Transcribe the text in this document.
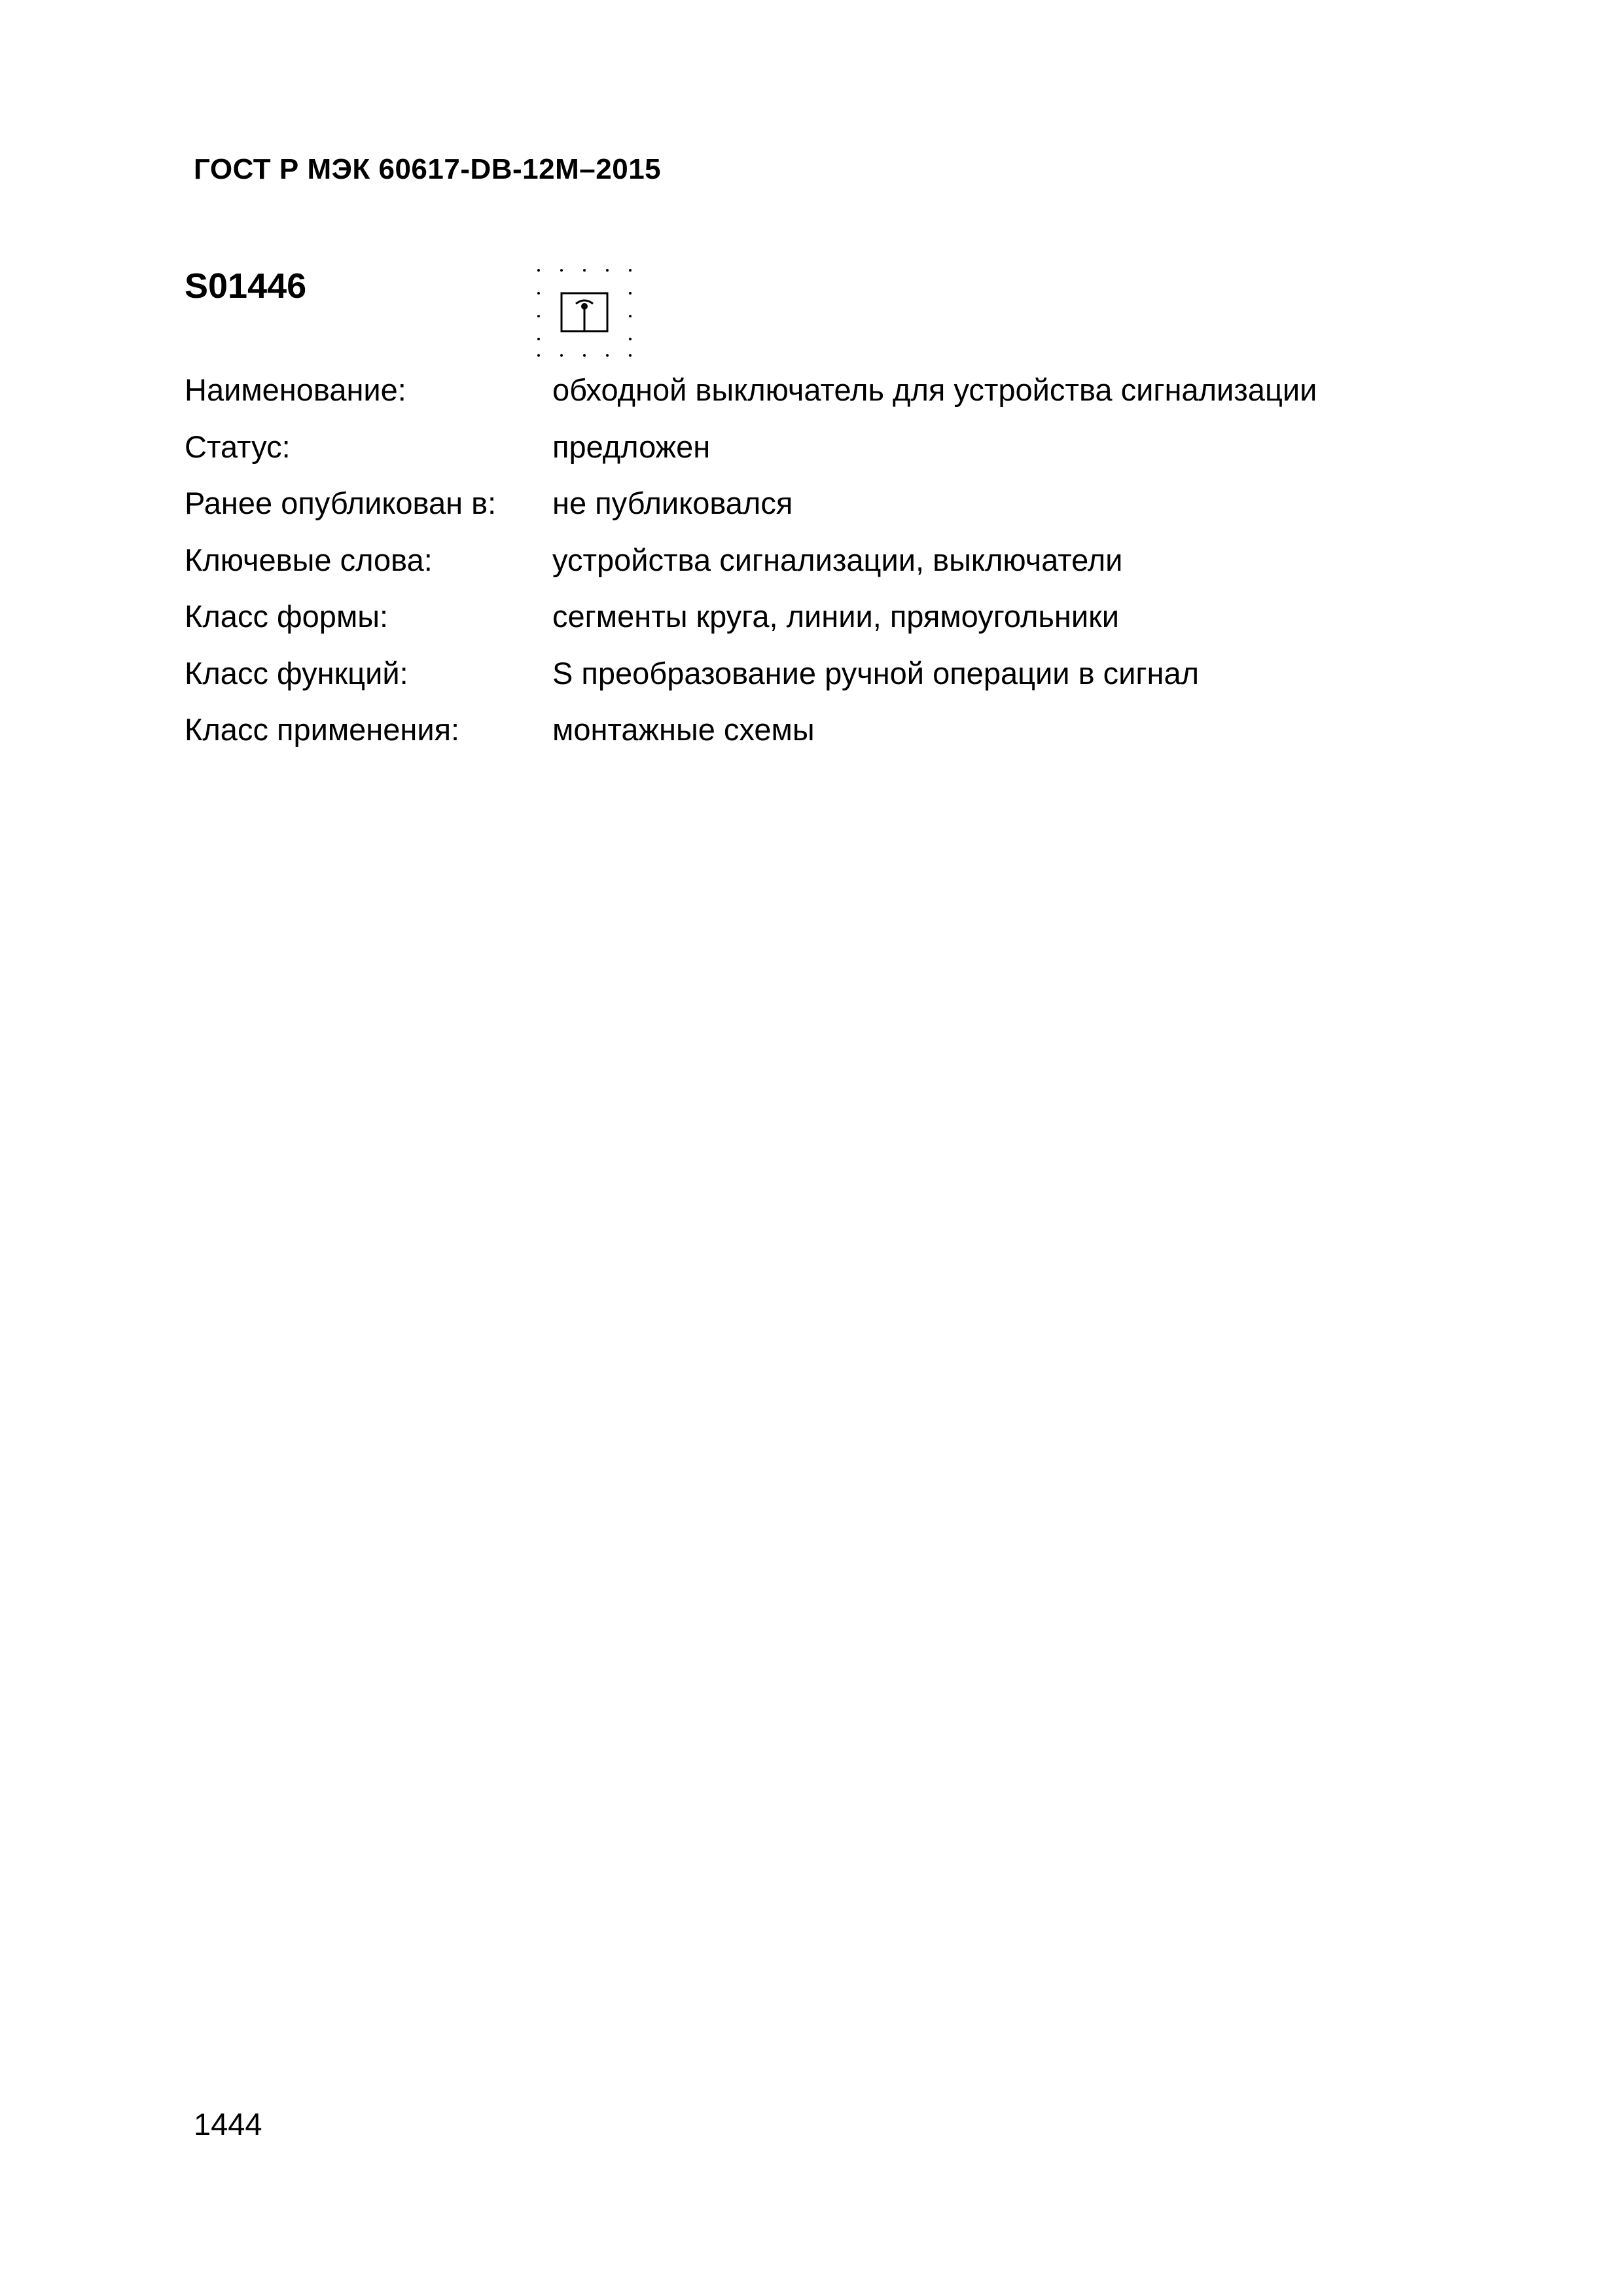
ГОСТ Р МЭК 60617-DB-12М–2015
S01446
Наименование:	обходной выключатель для устройства сигнализации
Статус:	предложен
Ранее опубликован в:	не публиковался
Ключевые слова:	устройства сигнализации, выключатели
Класс формы:	сегменты круга, линии, прямоугольники
Класс функций:	S преобразование ручной операции в сигнал
Класс применения:	монтажные схемы
1444
